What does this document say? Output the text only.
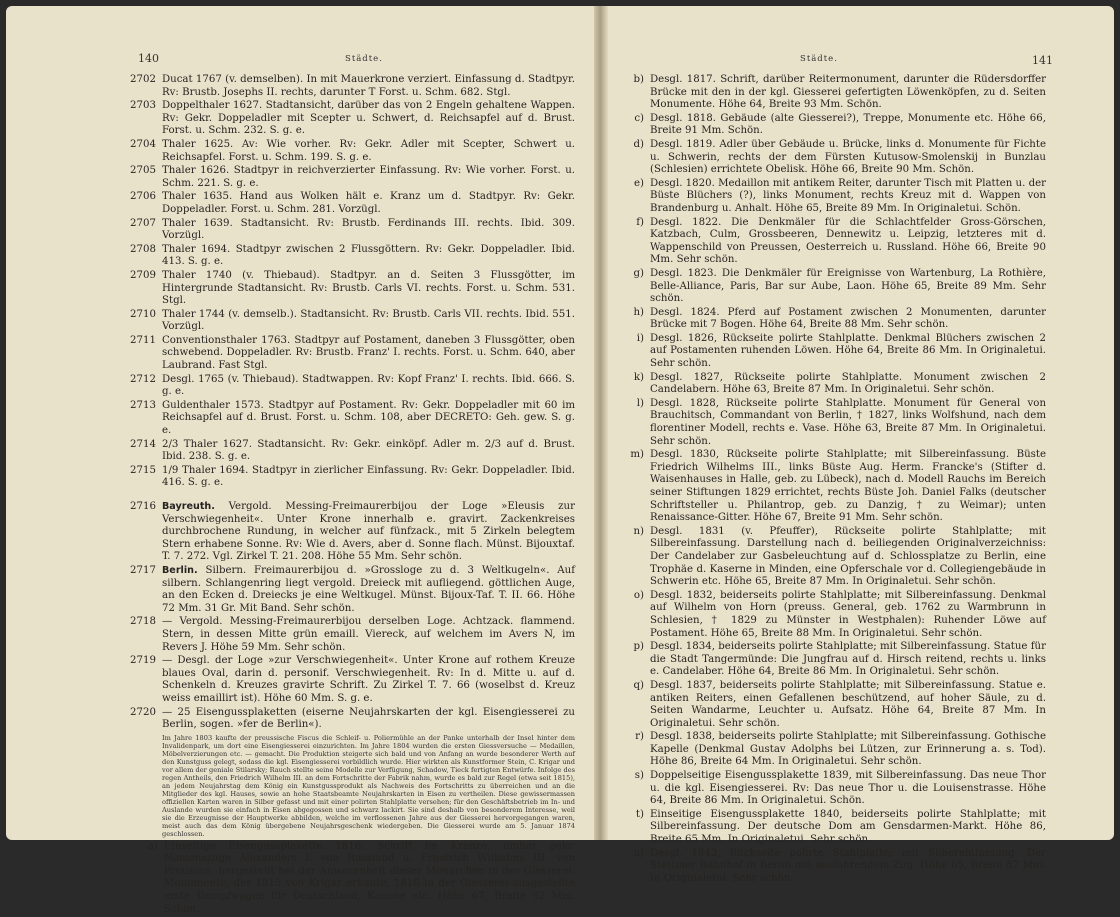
140	Städte.
2702 Ducat 1767 (v. demselben). In mit Mauerkrone verziert. Einfassung d. Stadtpyr. Rv: Brustb. Josephs II. rechts, darunter T Forst. u. Schm. 682. Stgl.
2703 Doppelthaler 1627. Stadtansicht, darüber das von 2 Engeln gehaltene Wappen. Rv: Gekr. Doppeladler mit Scepter u. Schwert, d. Reichsapfel auf d. Brust. Forst. u. Schm. 232. S. g. e.
2704 Thaler 1625. Av: Wie vorher. Rv: Gekr. Adler mit Scepter, Schwert u. Reichsapfel. Forst. u. Schm. 199. S. g. e.
2705 Thaler 1626. Stadtpyr in reichverzierter Einfassung. Rv: Wie vorher. Forst. u. Schm. 221. S. g. e.
2706 Thaler 1635. Hand aus Wolken hält e. Kranz um d. Stadtpyr. Rv: Gekr. Doppeladler. Forst. u. Schm. 281. Vorzügl.
2707 Thaler 1639. Stadtansicht. Rv: Brustb. Ferdinands III. rechts. Ibid. 309. Vorzügl.
2708 Thaler 1694. Stadtpyr zwischen 2 Flussgöttern. Rv: Gekr. Doppeladler. Ibid. 413. S. g. e.
2709 Thaler 1740 (v. Thiebaud). Stadtpyr. an d. Seiten 3 Flussgötter, im Hintergrunde Stadtansicht. Rv: Brustb. Carls VI. rechts. Forst. u. Schm. 531. Stgl.
2710 Thaler 1744 (v. demselb.). Stadtansicht. Rv: Brustb. Carls VII. rechts. Ibid. 551. Vorzügl.
2711 Conventionsthaler 1763. Stadtpyr auf Postament, daneben 3 Flussgötter, oben schwebend. Doppeladler. Rv: Brustb. Franz' I. rechts. Forst. u. Schm. 640, aber Laubrand. Fast Stgl.
2712 Desgl. 1765 (v. Thiebaud). Stadtwappen. Rv: Kopf Franz' I. rechts. Ibid. 666. S. g. e.
2713 Guldenthaler 1573. Stadtpyr auf Postament. Rv: Gekr. Doppeladler mit 60 im Reichsapfel auf d. Brust. Forst. u. Schm. 108, aber DECRETO: Geh. gew. S. g. e.
2714 2/3 Thaler 1627. Stadtansicht. Rv: Gekr. einköpf. Adler m. 2/3 auf d. Brust. Ibid. 238. S. g. e.
2715 1/9 Thaler 1694. Stadtpyr in zierlicher Einfassung. Rv: Gekr. Doppeladler. Ibid. 416. S. g. e.
2716 Bayreuth. Vergold. Messing-Freimaurerbijou der Loge »Eleusis zur Verschwiegenheit«. Unter Krone innerhalb e. gravirt. Zackenkreises durchbrochene Rundung, in welcher auf fünfzack., mit 5 Zirkeln belegtem Stern erhabene Sonne. Rv: Wie d. Avers, aber d. Sonne flach. Münst. Bijouxtaf. T. 7. 272. Vgl. Zirkel T. 21. 208. Höhe 55 Mm. Sehr schön.
2717 Berlin. Silbern. Freimaurerbijou d. »Grossloge zu d. 3 Weltkugeln«. Auf silbern. Schlangenring liegt vergold. Dreieck mit aufliegend. göttlichen Auge, an den Ecken d. Dreiecks je eine Weltkugel. Münst. Bijoux-Taf. T. II. 66. Höhe 72 Mm. 31 Gr. Mit Band. Sehr schön.
2718 — Vergold. Messing-Freimaurerbijou derselben Loge. Achtzack. flammend. Stern, in dessen Mitte grün emaill. Viereck, auf welchem im Avers N, im Revers J. Höhe 59 Mm. Sehr schön.
2719 — Desgl. der Loge »zur Verschwiegenheit«. Unter Krone auf rothem Kreuze blaues Oval, darin d. personif. Verschwiegenheit. Rv: In d. Mitte u. auf d. Schenkeln d. Kreuzes gravirte Schrift. Zu Zirkel T. 7. 66 (woselbst d. Kreuz weiss emaillirt ist). Höhe 60 Mm. S. g. e.
2720 — 25 Eisengussplaketten (eiserne Neujahrskarten der kgl. Eisengiesserei zu Berlin, sogen. »fer de Berlin«).
Im Jahre 1803 kaufte der preussische Fiscus die Schleif- u. Poliermühle an der Panke unterhalb der Insel hinter dem Invalidenpark, um dort eine Eisengiesserei einzurichten. Im Jahre 1804 wurden die ersten Giessversuche — Medaillen, Möbelverzierungen etc. — gemacht. Die Produktion steigerte sich bald und von Anfang an wurde besonderer Werth auf den Kunstguss gelegt, sodass die kgl. Eisengiesserei vorbildlich wurde. Hier wirkten als Kunstformer Stein, C. Krigar und vor allem der geniale Stilarsky; Rauch stellte seine Modelle zur Verfügung, Schadow, Tieck fertigten Entwürfe. Infolge des regen Antheils, den Friedrich Wilhelm III. an dem Fortschritte der Fabrik nahm, wurde es bald zur Regel (etwa seit 1815), an jedem Neujahrstag dem König ein Kunstgussprodukt als Nachweis des Fortschritts zu überreichen und an die Mitglieder des kgl. Hauses, sowie an hohe Staatsbeamte Neujahrskarten in Eisen zu vertheilen. Diese gewissermassen offiziellen Karten waren in Silber gefasst und mit einer polirten Stahlplatte versehen; für den Geschäftsbetrieb im In- und Auslande wurden sie einfach in Eisen abgegossen und schwarz lackirt. Sie sind deshalb von besonderem Interesse, weil sie die Erzeugnisse der Hauptwerke abbilden, welche im verflossenen Jahre aus der Giesserei hervorgegangen waren, meist auch das dem König übergebene Neujahrsgeschenk wiedergeben. Die Giesserei wurde am 5. Januar 1874 geschlossen.
a) Einseitige Eisengussplakette 1816. Schrift im Kranze, umher gekr. Namenszüge Alexanders I. von Russland u. Friedrich Wilhelms III. von Preussen, hergestellt bei der Anwesenheit dieser Monarchen in der Giesserei. Monumente, der 1815 von Krigar erbaute, 1816 in der Giesserei ausgestellte erste Dampfwagen für Deutschland, Kanone etc. Höhe 67, Breite 92 Mm. Schön.
Städte.	141
b) Desgl. 1817. Schrift, darüber Reitermonument, darunter die Rüdersdorffer Brücke mit den in der kgl. Giesserei gefertigten Löwenköpfen, zu d. Seiten Monumente. Höhe 64, Breite 93 Mm. Schön.
c) Desgl. 1818. Gebäude (alte Giesserei?), Treppe, Monumente etc. Höhe 66, Breite 91 Mm. Schön.
d) Desgl. 1819. Adler über Gebäude u. Brücke, links d. Monumente für Fichte u. Schwerin, rechts der dem Fürsten Kutusow-Smolenskij in Bunzlau (Schlesien) errichtete Obelisk. Höhe 66, Breite 90 Mm. Schön.
e) Desgl. 1820. Medaillon mit antikem Reiter, darunter Tisch mit Platten u. der Büste Blüchers (?), links Monument, rechts Kreuz mit d. Wappen von Brandenburg u. Anhalt. Höhe 65, Breite 89 Mm. In Originaletui. Schön.
f) Desgl. 1822. Die Denkmäler für die Schlachtfelder Gross-Görschen, Katzbach, Culm, Grossbeeren, Dennewitz u. Leipzig, letzteres mit d. Wappenschild von Preussen, Oesterreich u. Russland. Höhe 66, Breite 90 Mm. Sehr schön.
g) Desgl. 1823. Die Denkmäler für Ereignisse von Wartenburg, La Rothière, Belle-Alliance, Paris, Bar sur Aube, Laon. Höhe 65, Breite 89 Mm. Sehr schön.
h) Desgl. 1824. Pferd auf Postament zwischen 2 Monumenten, darunter Brücke mit 7 Bogen. Höhe 64, Breite 88 Mm. Sehr schön.
i) Desgl. 1826, Rückseite polirte Stahlplatte. Denkmal Blüchers zwischen 2 auf Postamenten ruhenden Löwen. Höhe 64, Breite 86 Mm. In Originaletui. Sehr schön.
k) Desgl. 1827, Rückseite polirte Stahlplatte. Monument zwischen 2 Candelabern. Höhe 63, Breite 87 Mm. In Originaletui. Sehr schön.
l) Desgl. 1828, Rückseite polirte Stahlplatte. Monument für General von Brauchitsch, Commandant von Berlin, † 1827, links Wolfshund, nach dem florentiner Modell, rechts e. Vase. Höhe 63, Breite 87 Mm. In Originaletui. Sehr schön.
m) Desgl. 1830, Rückseite polirte Stahlplatte; mit Silbereinfassung. Büste Friedrich Wilhelms III., links Büste Aug. Herm. Francke's (Stifter d. Waisenhauses in Halle, geb. zu Lübeck), nach d. Modell Rauchs im Bereich seiner Stiftungen 1829 errichtet, rechts Büste Joh. Daniel Falks (deutscher Schriftsteller u. Philantrop, geb. zu Danzig, † zu Weimar); unten Renaissance-Gitter. Höhe 67, Breite 91 Mm. Sehr schön.
n) Desgl. 1831 (v. Pfeuffer), Rückseite polirte Stahlplatte; mit Silbereinfassung. Darstellung nach d. beiliegenden Originalverzeichniss: Der Candelaber zur Gasbeleuchtung auf d. Schlossplatze zu Berlin, eine Trophäe d. Kaserne in Minden, eine Opferschale vor d. Collegiengebäude in Schwerin etc. Höhe 65, Breite 87 Mm. In Originaletui. Sehr schön.
o) Desgl. 1832, beiderseits polirte Stahlplatte; mit Silbereinfassung. Denkmal auf Wilhelm von Horn (preuss. General, geb. 1762 zu Warmbrunn in Schlesien, † 1829 zu Münster in Westphalen): Ruhender Löwe auf Postament. Höhe 65, Breite 88 Mm. In Originaletui. Sehr schön.
p) Desgl. 1834, beiderseits polirte Stahlplatte; mit Silbereinfassung. Statue für die Stadt Tangermünde: Die Jungfrau auf d. Hirsch reitend, rechts u. links e. Candelaber. Höhe 64, Breite 86 Mm. In Originaletui. Sehr schön.
q) Desgl. 1837, beiderseits polirte Stahlplatte; mit Silbereinfassung. Statue e. antiken Reiters, einen Gefallenen beschützend, auf hoher Säule, zu d. Seiten Wandarme, Leuchter u. Aufsatz. Höhe 64, Breite 87 Mm. In Originaletui. Sehr schön.
r) Desgl. 1838, beiderseits polirte Stahlplatte; mit Silbereinfassung. Gothische Kapelle (Denkmal Gustav Adolphs bei Lützen, zur Erinnerung a. s. Tod). Höhe 86, Breite 64 Mm. In Originaletui. Sehr schön.
s) Doppelseitige Eisengussplakette 1839, mit Silbereinfassung. Das neue Thor u. die kgl. Eisengiesserei. Rv: Das neue Thor u. die Louisenstrasse. Höhe 64, Breite 86 Mm. In Originaletui. Schön.
t) Einseitige Eisengussplakette 1840, beiderseits polirte Stahlplatte; mit Silbereinfassung. Der deutsche Dom am Gensdarmen-Markt. Höhe 86, Breite 65 Mm. In Originaletui. Sehr schön.
u) Desgl. 1843, Rückseite polirte Stahlplatte; mit Silbereinfassung. Der Stettiner Bahnhof in Berlin mit ausfahrendem Zug. Höhe 65, Breite 87 Mm. In Originaletui. Sehr schön.
